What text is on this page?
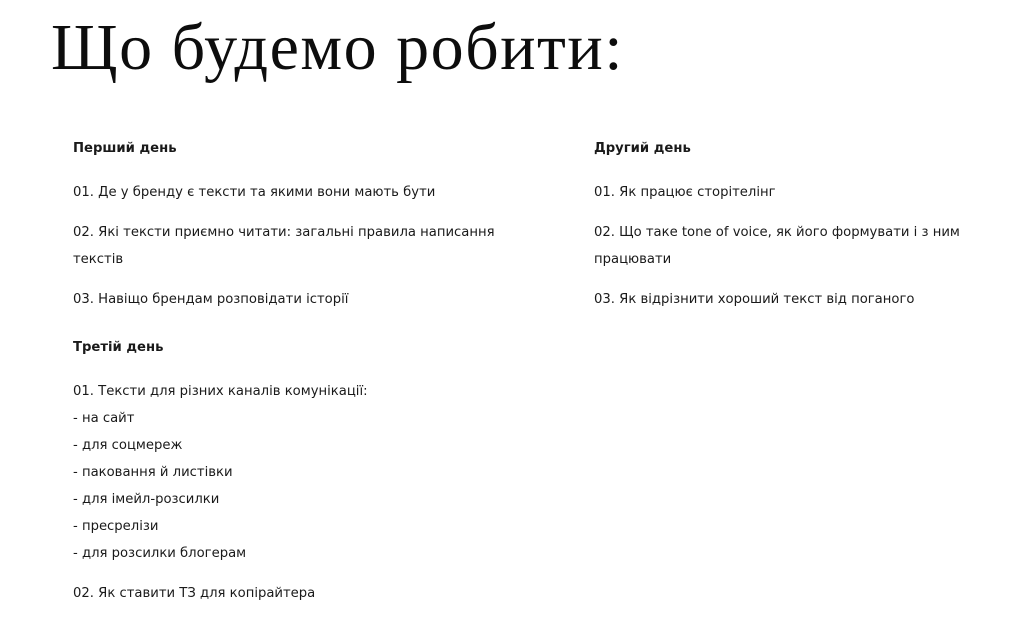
Що будемо робити:
Перший день
01. Де у бренду є тексти та якими вони мають бути
02. Які тексти приємно читати: загальні правила написання текстів
03. Навіщо брендам розповідати історії
Третій день
01. Тексти для різних каналів комунікації:
- на сайт
- для соцмереж
- паковання й листівки
- для імейл-розсилки
- пресрелізи
- для розсилки блогерам
02. Як ставити ТЗ для копірайтера
Другий день
01. Як працює сторітелінг
02. Що таке tone of voice, як його формувати і з ним працювати
03. Як відрізнити хороший текст від поганого
